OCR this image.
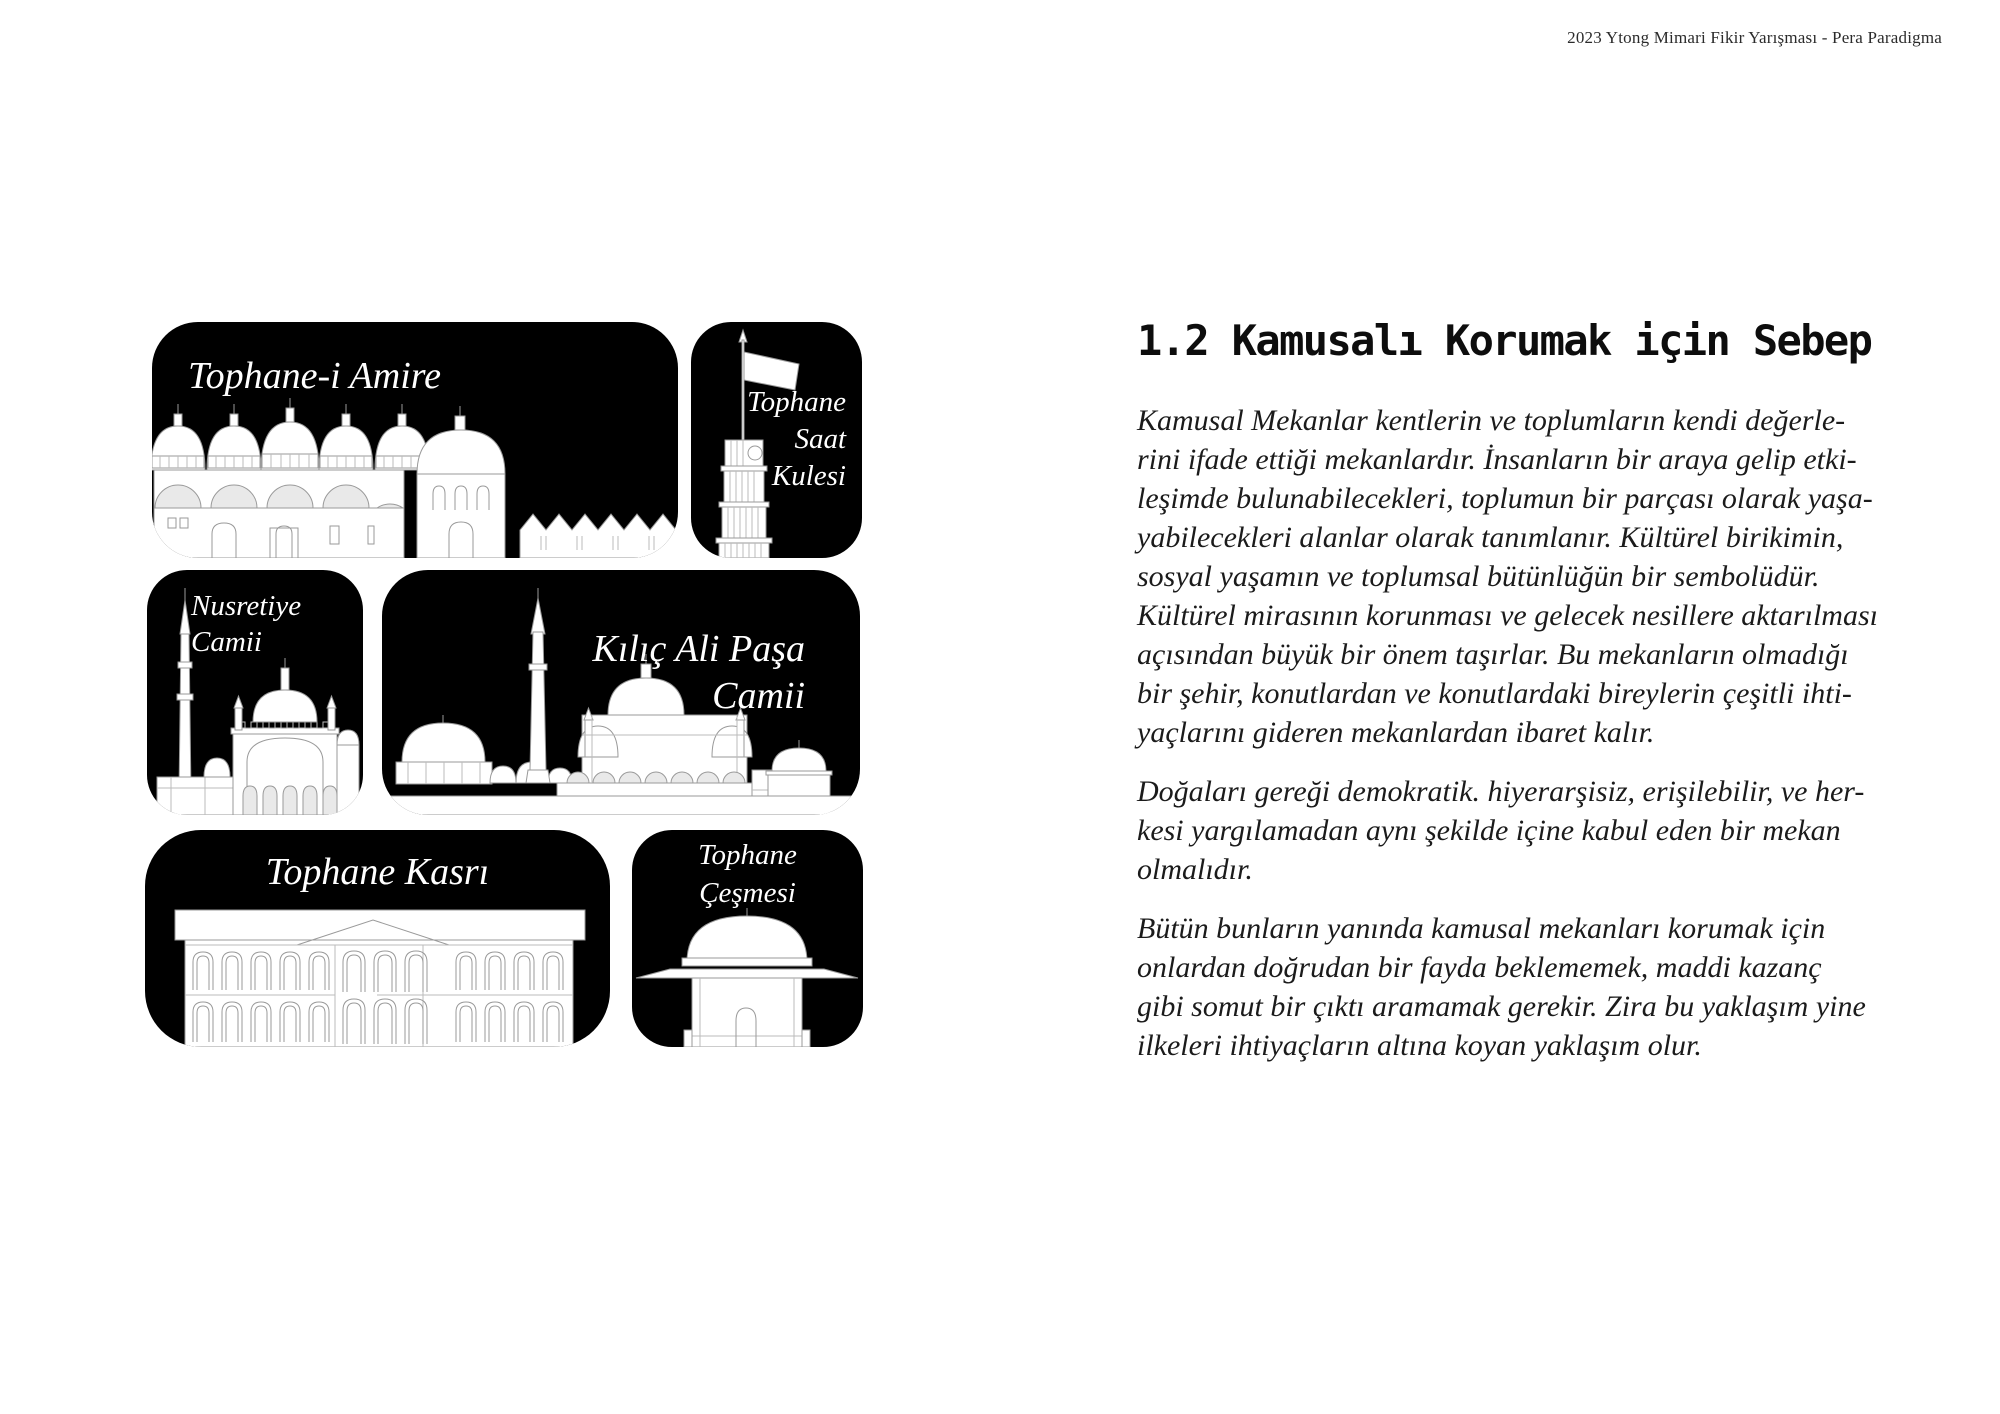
2023 Ytong Mimari Fikir Yarışması - Pera Paradigma
Tophane-i Amire
Tophane
Saat
Kulesi
Nusretiye
Camii	Kılıç Ali Paşa
Camii
Tophane Kasrı	Tophane
Çeşmesi
1.2 Kamusalı Korumak için Sebep
Kamusal Mekanlar kentlerin ve toplumların kendi değerle-
rini ifade ettiği mekanlardır. İnsanların bir araya gelip etki-
leşimde bulunabilecekleri, toplumun bir parçası olarak yaşa-
yabilecekleri alanlar olarak tanımlanır. Kültürel birikimin,
sosyal yaşamın ve toplumsal bütünlüğün bir sembolüdür.
Kültürel mirasının korunması ve gelecek nesillere aktarılması
açısından büyük bir önem taşırlar. Bu mekanların olmadığı
bir şehir, konutlardan ve konutlardaki bireylerin çeşitli ihti-
yaçlarını gideren mekanlardan ibaret kalır.
Doğaları gereği demokratik. hiyerarşisiz, erişilebilir, ve her-
kesi yargılamadan aynı şekilde içine kabul eden bir mekan
olmalıdır.
Bütün bunların yanında kamusal mekanları korumak için
onlardan doğrudan bir fayda beklememek, maddi kazanç
gibi somut bir çıktı aramamak gerekir. Zira bu yaklaşım yine
ilkeleri ihtiyaçların altına koyan yaklaşım olur.
